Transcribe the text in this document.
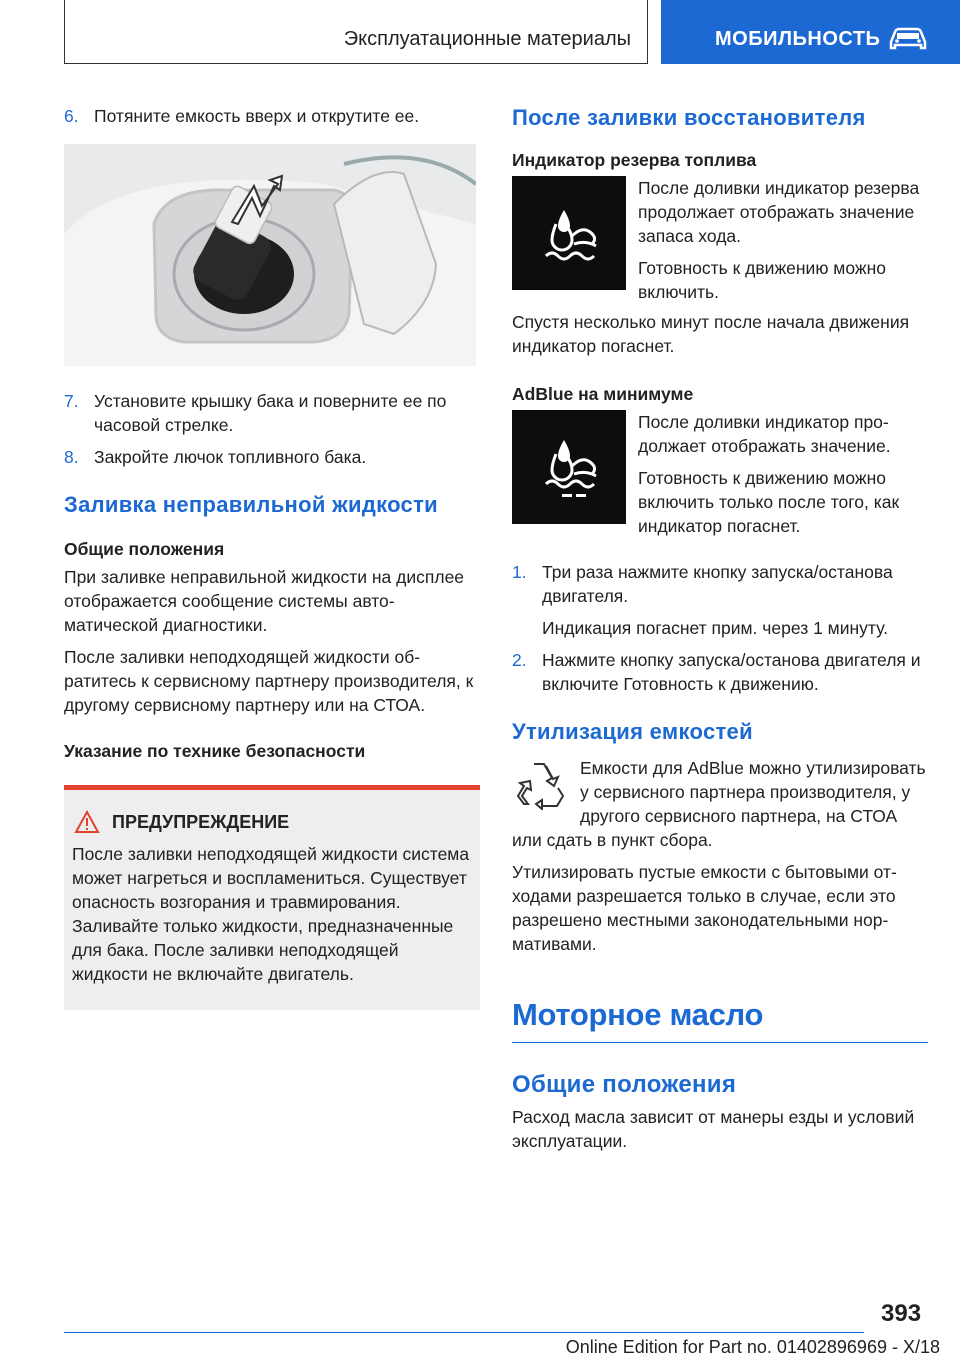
Эксплуатационные материалы	МОБИЛЬНОСТЬ
6. Потяните емкость вверх и открутите ее.
7. Установите крышку бака и поверните ее по часовой стрелке.
8. Закройте лючок топливного бака.
Заливка неправильной жидкости
Общие положения

При заливке неправильной жидкости на дисплее отображается сообщение системы автоматической диагностики.

После заливки неподходящей жидкости обратитесь к сервисному партнеру производителя, к другому сервисному партнеру или на СТОА.

Указание по технике безопасности
ПРЕДУПРЕЖДЕНИЕ

После заливки неподходящей жидкости система может нагреться и воспламениться. Существует опасность возгорания и травмирования. Заливайте только жидкости, предназначенные для бака. После заливки неподходящей жидкости не включайте двигатель.

После заливки восстановителя
Индикатор резерва топлива

После доливки индикатор резерва продолжает отображать значение запаса хода.

Готовность к движению можно включить.

Спустя несколько минут после начала движения индикатор погаснет.

AdBlue на минимуме

После доливки индикатор продолжает отображать значение.

Готовность к движению можно включить только после того, как индикатор погаснет.

1. Три раза нажмите кнопку запуска/останова двигателя.

Индикация погаснет прим. через 1 минуту.

2. Нажмите кнопку запуска/останова двигателя и включите Готовность к движению.
Утилизация емкостей

Емкости для AdBlue можно утилизировать у сервисного партнера производителя, у другого сервисного партнера, на СТОА или сдать в пункт сбора.

Утилизировать пустые емкости с бытовыми отходами разрешается только в случае, если это разрешено местными законодательными нормативами.

Моторное масло
Общие положения

Расход масла зависит от манеры езды и условий эксплуатации.

393
Online Edition for Part no. 01402896969 - X/18
